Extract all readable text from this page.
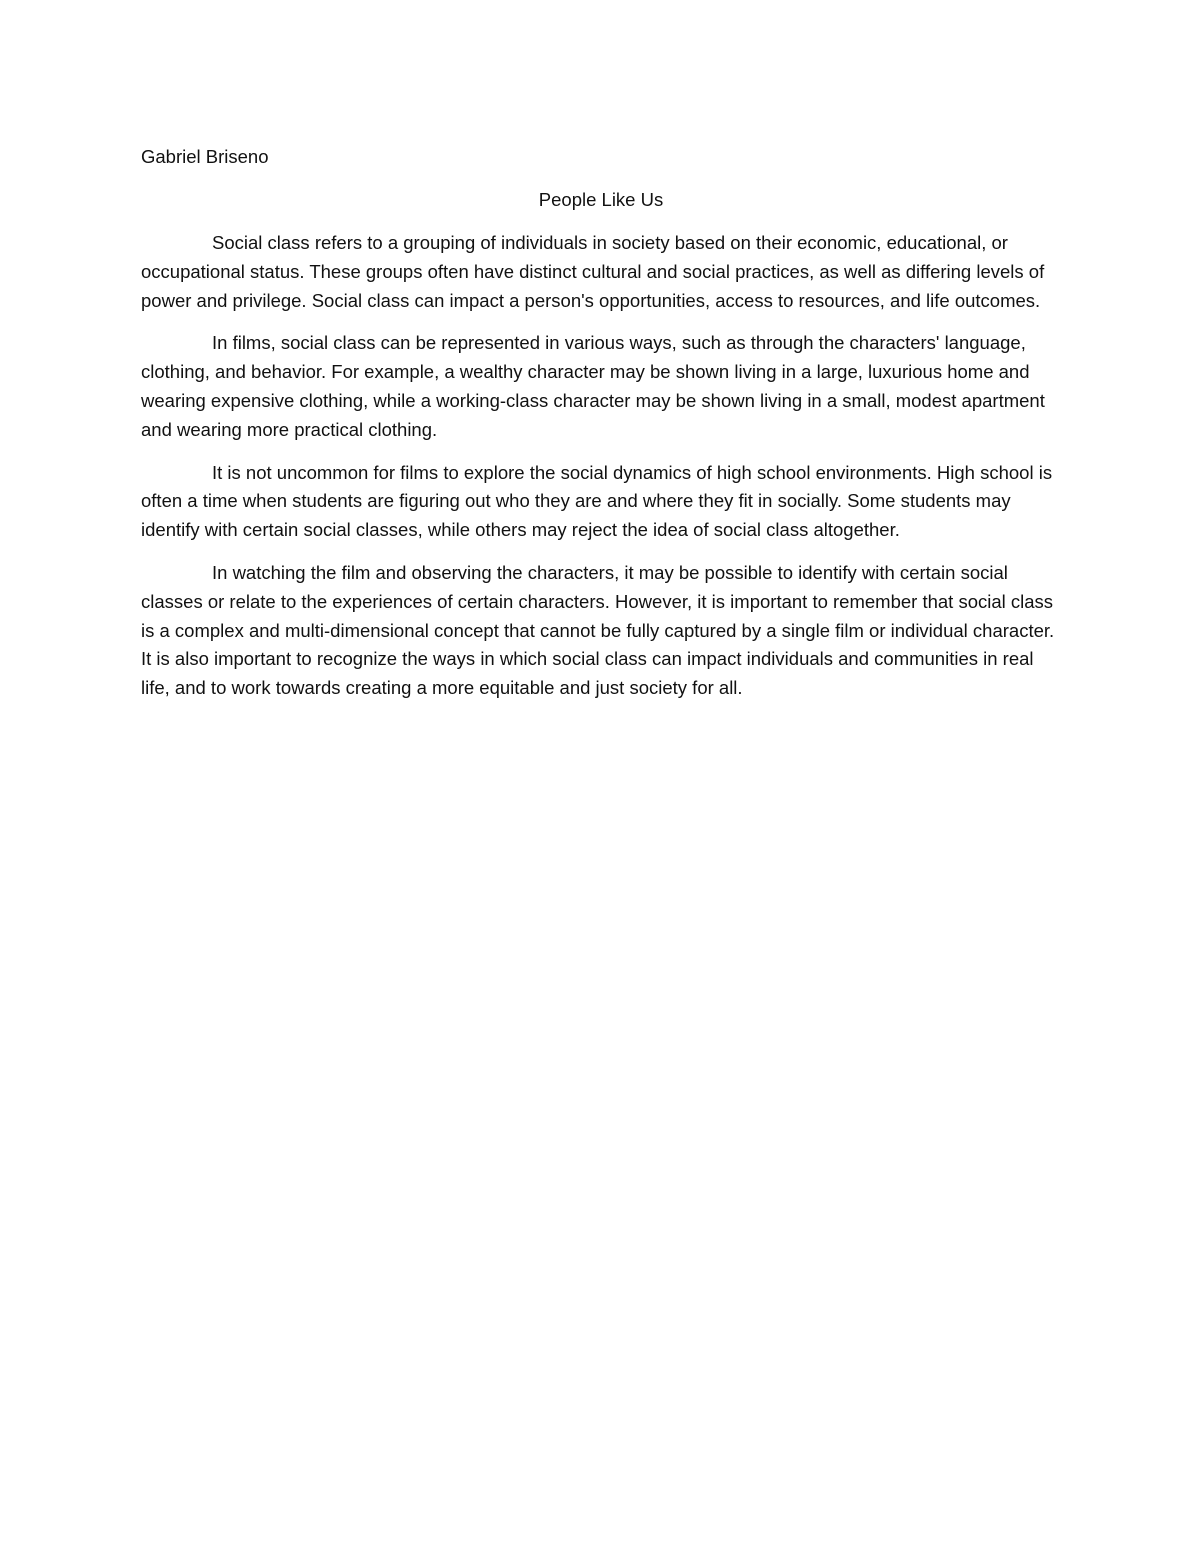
Gabriel Briseno

People Like Us

Social class refers to a grouping of individuals in society based on their economic, educational, or occupational status. These groups often have distinct cultural and social practices, as well as differing levels of power and privilege. Social class can impact a person's opportunities, access to resources, and life outcomes.

In films, social class can be represented in various ways, such as through the characters' language, clothing, and behavior. For example, a wealthy character may be shown living in a large, luxurious home and wearing expensive clothing, while a working-class character may be shown living in a small, modest apartment and wearing more practical clothing.

It is not uncommon for films to explore the social dynamics of high school environments. High school is often a time when students are figuring out who they are and where they fit in socially. Some students may identify with certain social classes, while others may reject the idea of social class altogether.

In watching the film and observing the characters, it may be possible to identify with certain social classes or relate to the experiences of certain characters. However, it is important to remember that social class is a complex and multi-dimensional concept that cannot be fully captured by a single film or individual character. It is also important to recognize the ways in which social class can impact individuals and communities in real life, and to work towards creating a more equitable and just society for all.
